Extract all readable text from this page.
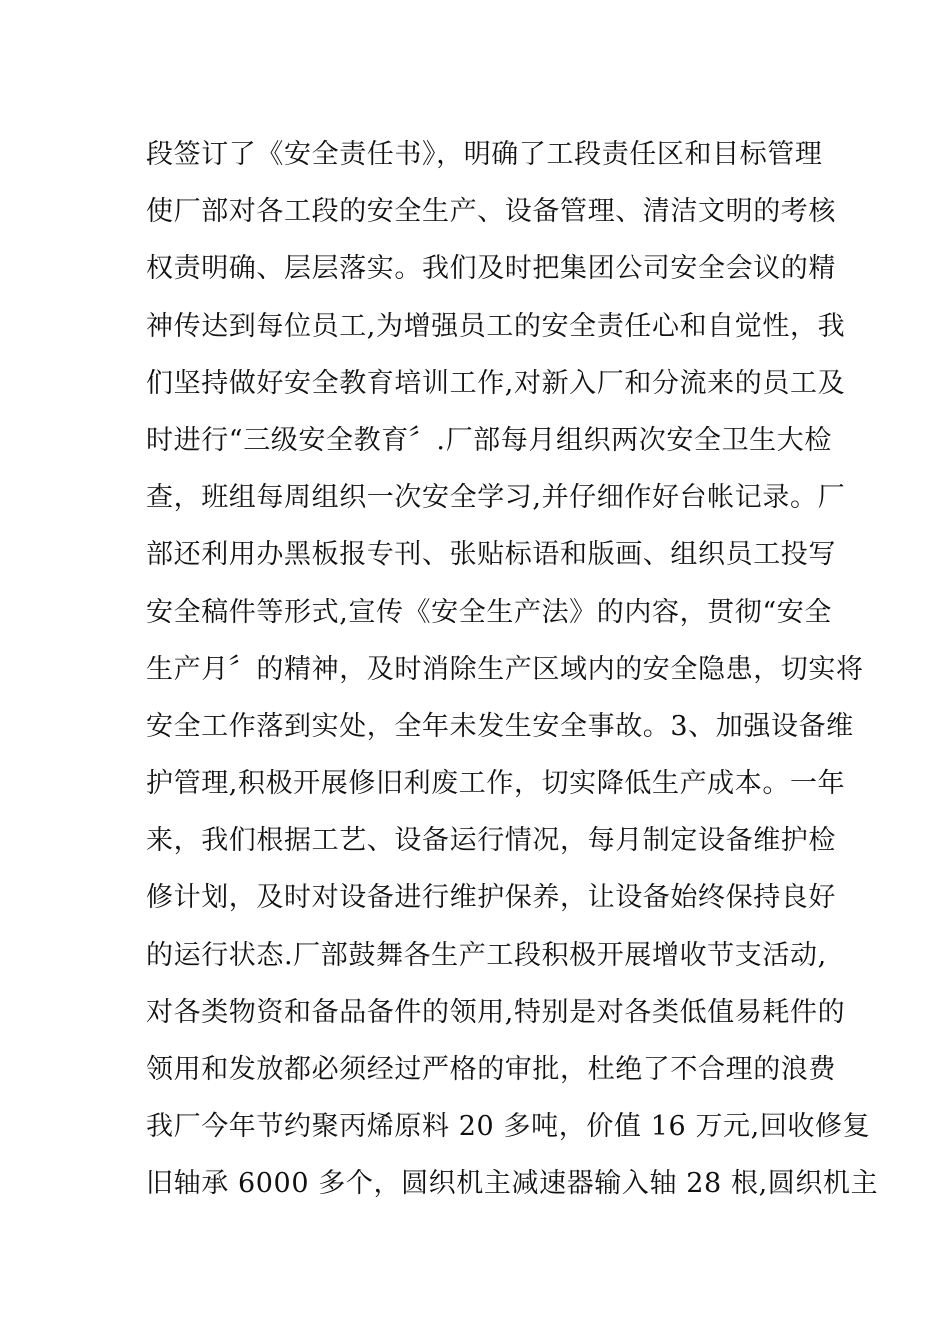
段签订了《安全责任书》，明确了工段责任区和目标管理
使厂部对各工段的安全生产、设备管理、清洁文明的考核
权责明确、层层落实。我们及时把集团公司安全会议的精
神传达到每位员工,为增强员工的安全责任心和自觉性，我
们坚持做好安全教育培训工作,对新入厂和分流来的员工及
时进行“三级安全教育〞.厂部每月组织两次安全卫生大检
查，班组每周组织一次安全学习,并仔细作好台帐记录。厂
部还利用办黑板报专刊、张贴标语和版画、组织员工投写
安全稿件等形式,宣传《安全生产法》的内容，贯彻“安全
生产月〞的精神，及时消除生产区域内的安全隐患，切实将
安全工作落到实处，全年未发生安全事故。3、加强设备维
护管理,积极开展修旧利废工作，切实降低生产成本。一年
来，我们根据工艺、设备运行情况，每月制定设备维护检
修计划，及时对设备进行维护保养，让设备始终保持良好
的运行状态.厂部鼓舞各生产工段积极开展增收节支活动,
对各类物资和备品备件的领用,特别是对各类低值易耗件的
领用和发放都必须经过严格的审批，杜绝了不合理的浪费
我厂今年节约聚丙烯原料 20 多吨，价值 16 万元,回收修复
旧轴承 6000 多个，圆织机主减速器输入轴 28 根,圆织机主
